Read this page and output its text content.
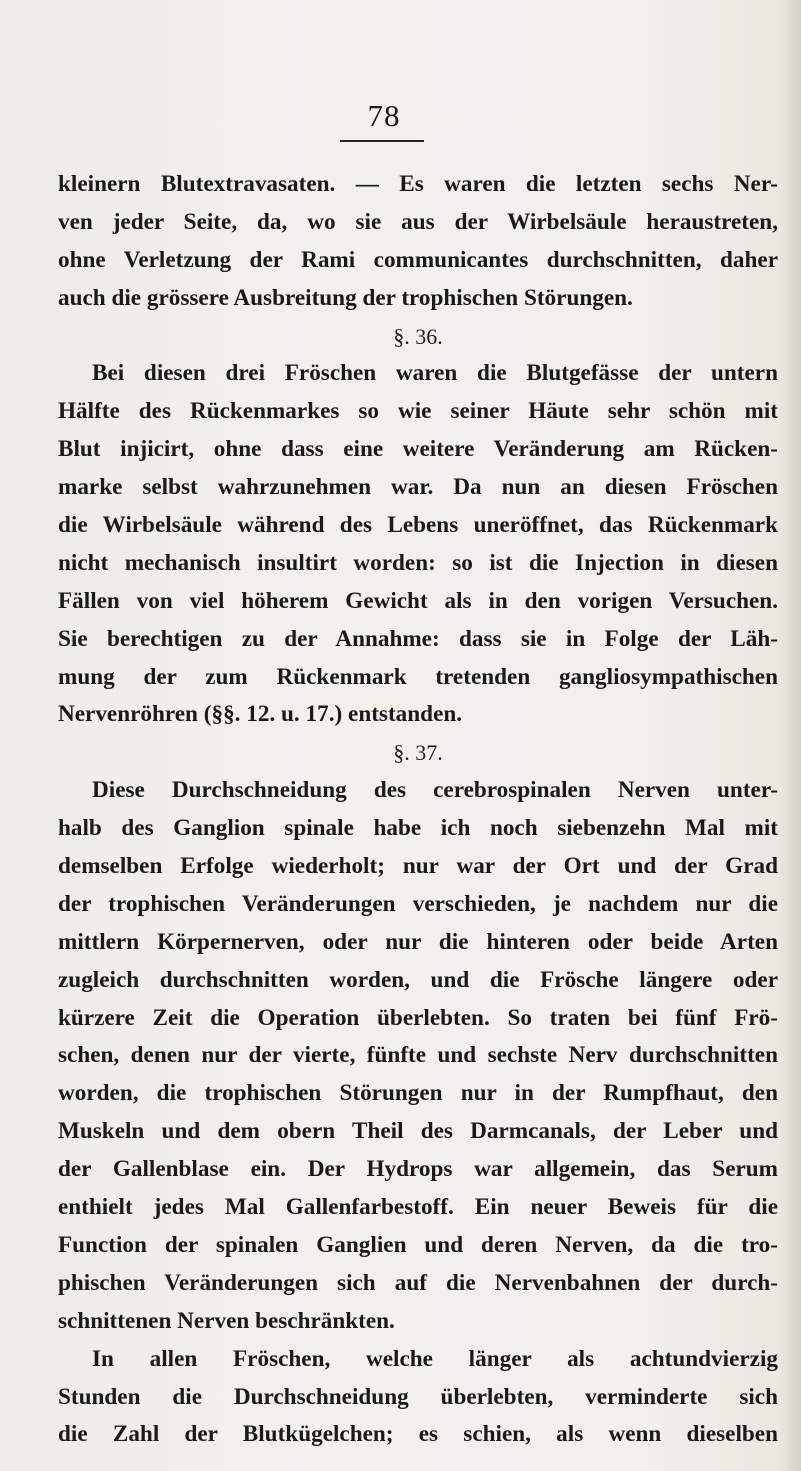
78
kleinern Blutextravasaten. — Es waren die letzten sechs Ner-
ven jeder Seite, da, wo sie aus der Wirbelsäule heraustreten,
ohne Verletzung der Rami communicantes durchschnitten, daher
auch die grössere Ausbreitung der trophischen Störungen.
§. 36.
Bei diesen drei Fröschen waren die Blutgefässe der untern
Hälfte des Rückenmarkes so wie seiner Häute sehr schön mit
Blut injicirt, ohne dass eine weitere Veränderung am Rücken-
marke selbst wahrzunehmen war. Da nun an diesen Fröschen
die Wirbelsäule während des Lebens uneröffnet, das Rückenmark
nicht mechanisch insultirt worden: so ist die Injection in diesen
Fällen von viel höherem Gewicht als in den vorigen Versuchen.
Sie berechtigen zu der Annahme: dass sie in Folge der Läh-
mung der zum Rückenmark tretenden gangliosympathischen
Nervenröhren (§§. 12. u. 17.) entstanden.
§. 37.
Diese Durchschneidung des cerebrospinalen Nerven unter-
halb des Ganglion spinale habe ich noch siebenzehn Mal mit
demselben Erfolge wiederholt; nur war der Ort und der Grad
der trophischen Veränderungen verschieden, je nachdem nur die
mittlern Körpernerven, oder nur die hinteren oder beide Arten
zugleich durchschnitten worden, und die Frösche längere oder
kürzere Zeit die Operation überlebten. So traten bei fünf Frö-
schen, denen nur der vierte, fünfte und sechste Nerv durchschnitten
worden, die trophischen Störungen nur in der Rumpfhaut, den
Muskeln und dem obern Theil des Darmcanals, der Leber und
der Gallenblase ein. Der Hydrops war allgemein, das Serum
enthielt jedes Mal Gallenfarbestoff. Ein neuer Beweis für die
Function der spinalen Ganglien und deren Nerven, da die tro-
phischen Veränderungen sich auf die Nervenbahnen der durch-
schnittenen Nerven beschränkten.
In allen Fröschen, welche länger als achtundvierzig
Stunden die Durchschneidung überlebten, verminderte sich
die Zahl der Blutkügelchen; es schien, als wenn dieselben
